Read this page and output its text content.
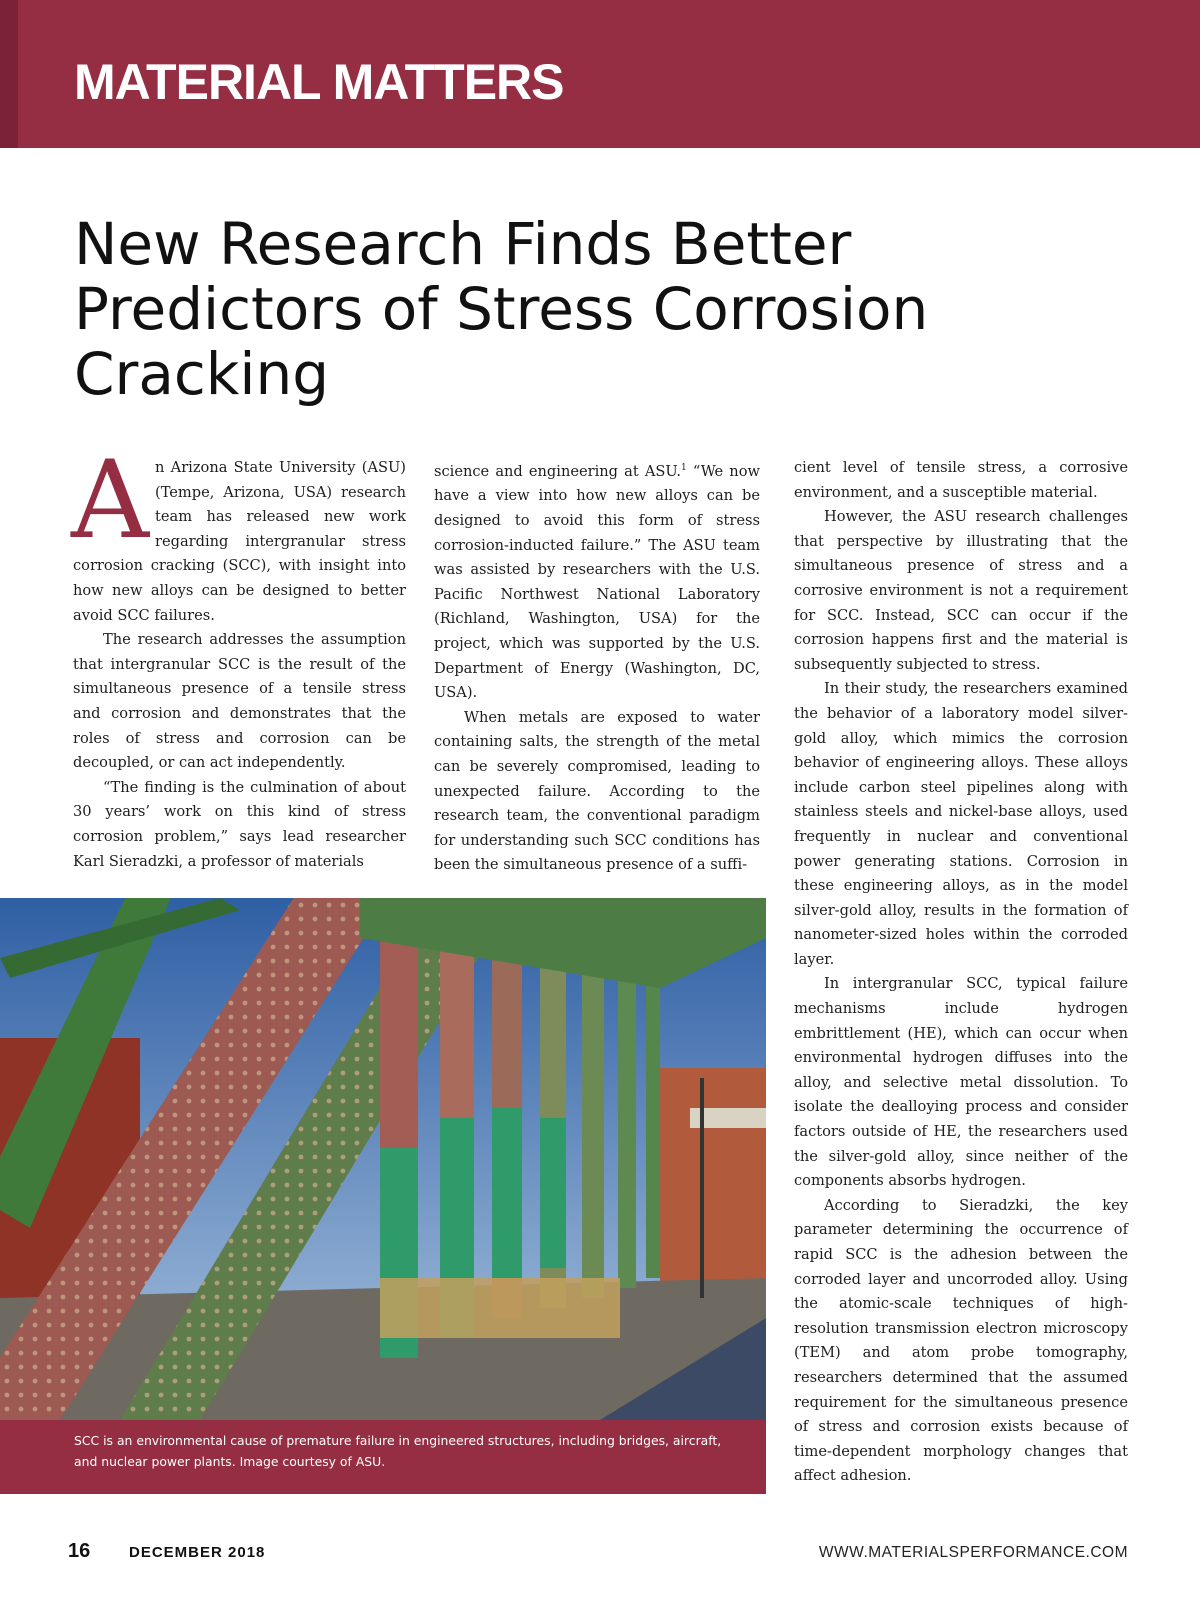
MATERIAL MATTERS
New Research Finds Better Predictors of Stress Corrosion Cracking

An Arizona State University (ASU) (Tempe, Arizona, USA) research team has released new work regarding intergranular stress corrosion cracking (SCC), with insight into how new alloys can be designed to better avoid SCC failures.

The research addresses the assumption that intergranular SCC is the result of the simultaneous presence of a tensile stress and corrosion and demonstrates that the roles of stress and corrosion can be decoupled, or can act independently.

“The finding is the culmination of about 30 years’ work on this kind of stress corrosion problem,” says lead researcher Karl Sieradzki, a professor of materials

science and engineering at ASU.$^1$ “We now have a view into how new alloys can be designed to avoid this form of stress corrosion-inducted failure.” The ASU team was assisted by researchers with the U.S. Pacific Northwest National Laboratory (Richland, Washington, USA) for the project, which was supported by the U.S. Department of Energy (Washington, DC, USA).

When metals are exposed to water containing salts, the strength of the metal can be severely compromised, leading to unexpected failure. According to the research team, the conventional paradigm for understanding such SCC conditions has been the simultaneous presence of a suffi-

cient level of tensile stress, a corrosive environment, and a susceptible material.

However, the ASU research challenges that perspective by illustrating that the simultaneous presence of stress and a corrosive environment is not a requirement for SCC. Instead, SCC can occur if the corrosion happens first and the material is subsequently subjected to stress.

In their study, the researchers examined the behavior of a laboratory model silver-gold alloy, which mimics the corrosion behavior of engineering alloys. These alloys include carbon steel pipelines along with stainless steels and nickel-base alloys, used frequently in nuclear and conventional power generating stations. Corrosion in these engineering alloys, as in the model silver-gold alloy, results in the formation of nanometer-sized holes within the corroded layer.

In intergranular SCC, typical failure mechanisms include hydrogen embrittlement (HE), which can occur when environmental hydrogen diffuses into the alloy, and selective metal dissolution. To isolate the dealloying process and consider factors outside of HE, the researchers used the silver-gold alloy, since neither of the components absorbs hydrogen.

According to Sieradzki, the key parameter determining the occurrence of rapid SCC is the adhesion between the corroded layer and uncorroded alloy. Using the atomic-scale techniques of high-resolution transmission electron microscopy (TEM) and atom probe tomography, researchers determined that the assumed requirement for the simultaneous presence of stress and corrosion exists because of time-dependent morphology changes that affect adhesion.

SCC is an environmental cause of premature failure in engineered structures, including bridges, aircraft, and nuclear power plants. Image courtesy of ASU.
16	DECEMBER 2018	WWW.MATERIALSPERFORMANCE.COM
